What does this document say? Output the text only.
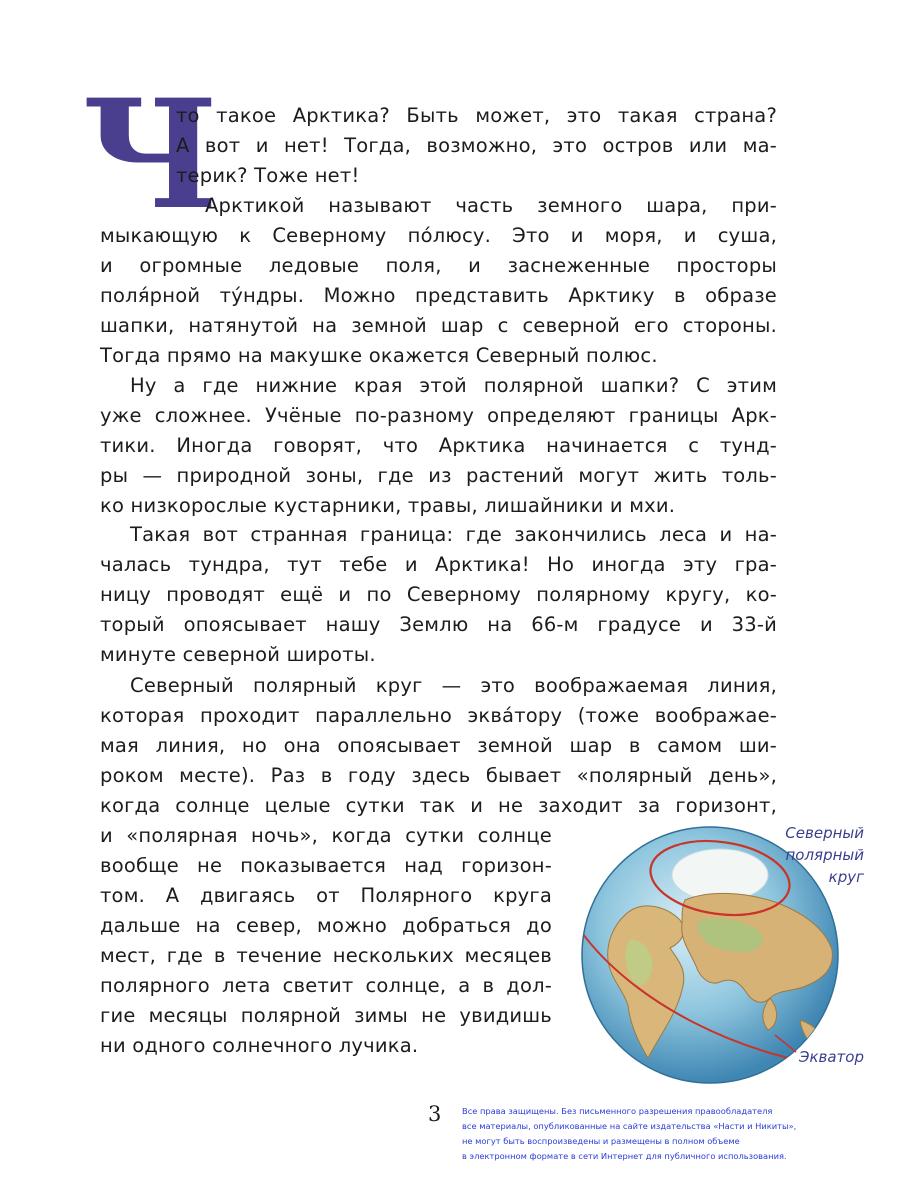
Ч
то такое Арктика? Быть может, это такая страна?
А вот и нет! Тогда, возможно, это остров или ма-
терик? Тоже нет!
Арктикой называют часть земного шара, при-
мыкающую к Северному по́люсу. Это и моря, и суша,
и огромные ледовые поля, и заснеженные просторы
поля́рной ту́ндры. Можно представить Арктику в образе
шапки, натянутой на земной шар с северной его стороны.
Тогда прямо на макушке окажется Северный полюс.
Ну а где нижние края этой полярной шапки? С этим
уже сложнее. Учёные по-разному определяют границы Арк-
тики. Иногда говорят, что Арктика начинается с тунд-
ры — природной зоны, где из растений могут жить толь-
ко низкорослые кустарники, травы, лишайники и мхи.
Такая вот странная граница: где закончились леса и на-
чалась тундра, тут тебе и Арктика! Но иногда эту гра-
ницу проводят ещё и по Северному полярному кругу, ко-
торый опоясывает нашу Землю на 66-м градусе и 33-й
минуте северной широты.
Северный полярный круг — это воображаемая линия,
которая проходит параллельно эква́тору (тоже воображае-
мая линия, но она опоясывает земной шар в самом ши-
роком месте). Раз в году здесь бывает «полярный день»,
когда солнце целые сутки так и не заходит за горизонт,
и «полярная ночь», когда сутки солнце
вообще не показывается над горизон-
том. А двигаясь от Полярного круга
дальше на север, можно добраться до
мест, где в течение нескольких месяцев
полярного лета светит солнце, а в дол-
гие месяцы полярной зимы не увидишь
ни одного солнечного лучика.
Северный
полярный
круг
Экватор
3 Все права защищены. Без письменного разрешения правообладателя
все материалы, опубликованные на сайте издательства «Насти и Никиты»,
не могут быть воспроизведены и размещены в полном объеме
в электронном формате в сети Интернет для публичного использования.
